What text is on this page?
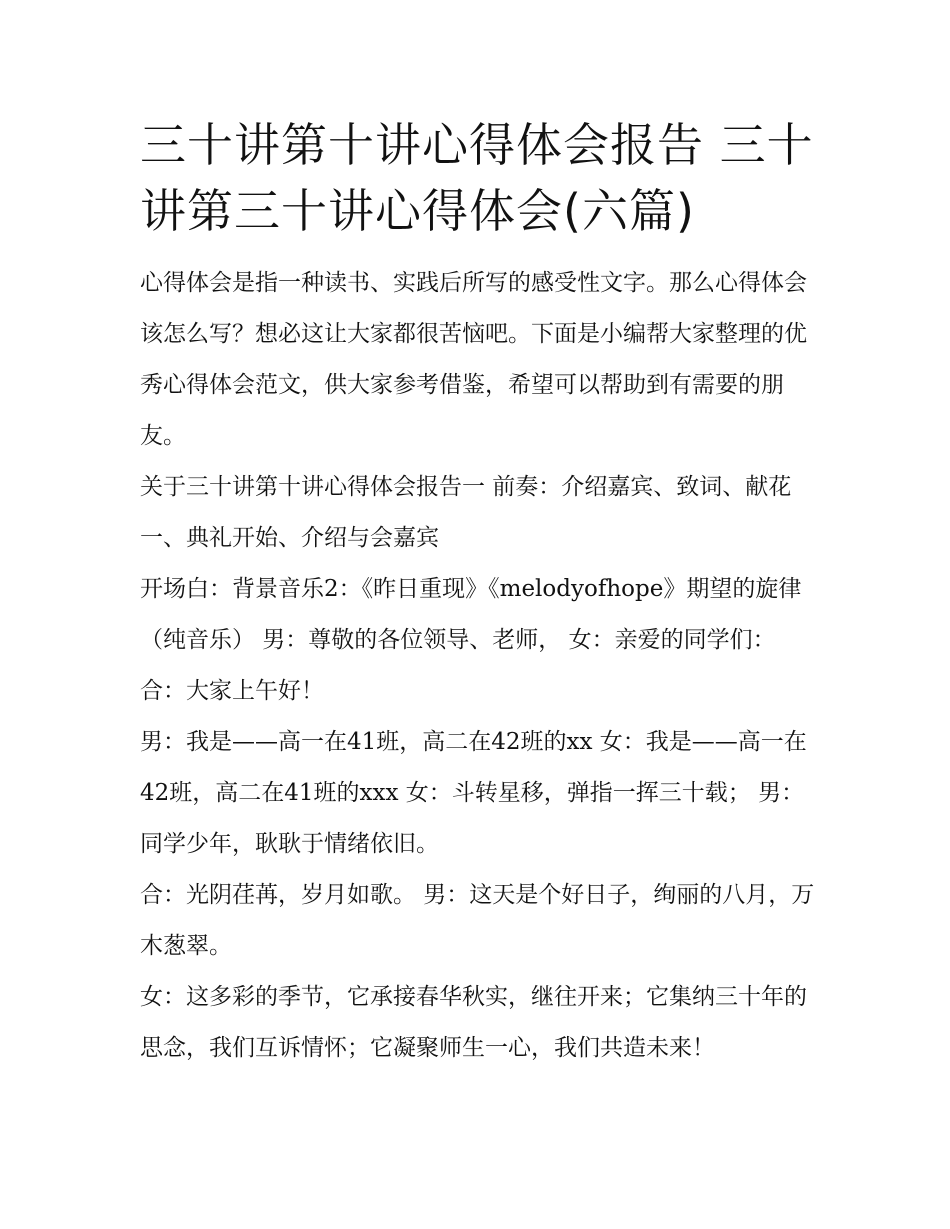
三十讲第十讲心得体会报告 三十讲第三十讲心得体会(六篇)

心得体会是指一种读书、实践后所写的感受性文字。那么心得体会该怎么写？想必这让大家都很苦恼吧。下面是小编帮大家整理的优秀心得体会范文，供大家参考借鉴，希望可以帮助到有需要的朋友。

关于三十讲第十讲心得体会报告一 前奏：介绍嘉宾、致词、献花 一、典礼开始、介绍与会嘉宾

开场白：背景音乐2：《昨日重现》《melodyofhope》期望的旋律（纯音乐） 男：尊敬的各位领导、老师， 女：亲爱的同学们： 合：大家上午好！

男：我是——高一在41班，高二在42班的xx 女：我是——高一在42班，高二在41班的xxx 女：斗转星移，弹指一挥三十载； 男：同学少年，耿耿于情绪依旧。

合：光阴荏苒，岁月如歌。 男：这天是个好日子，绚丽的八月，万木葱翠。

女：这多彩的季节，它承接春华秋实，继往开来；它集纳三十年的思念，我们互诉情怀；它凝聚师生一心，我们共造未来！
